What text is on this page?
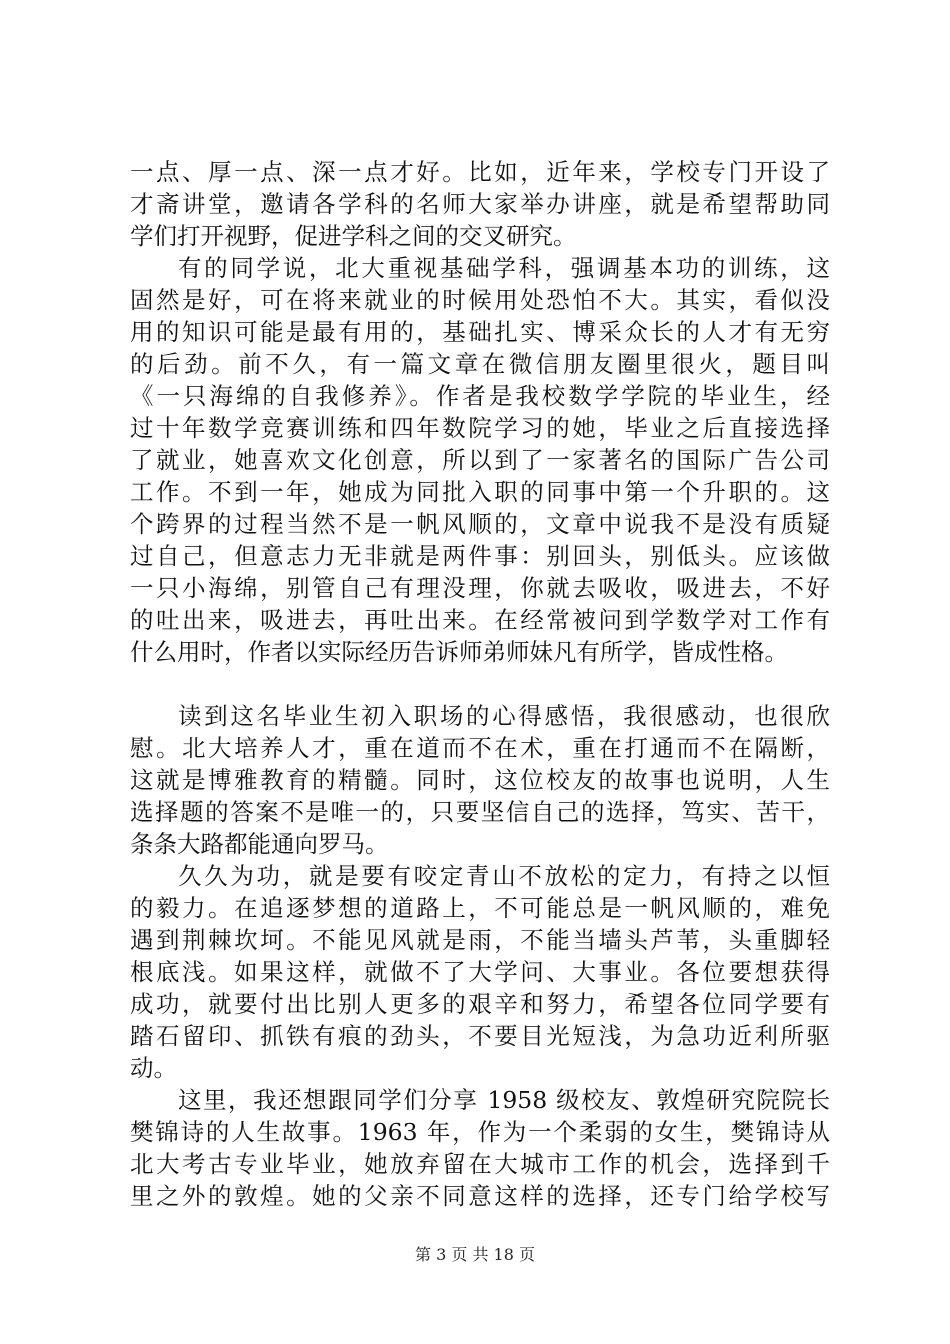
一点、厚一点、深一点才好。比如，近年来，学校专门开设了
才斋讲堂，邀请各学科的名师大家举办讲座，就是希望帮助同
学们打开视野，促进学科之间的交叉研究。
有的同学说，北大重视基础学科，强调基本功的训练，这
固然是好，可在将来就业的时候用处恐怕不大。其实，看似没
用的知识可能是最有用的，基础扎实、博采众长的人才有无穷
的后劲。前不久，有一篇文章在微信朋友圈里很火，题目叫
《一只海绵的自我修养》。作者是我校数学学院的毕业生，经
过十年数学竞赛训练和四年数院学习的她，毕业之后直接选择
了就业，她喜欢文化创意，所以到了一家著名的国际广告公司
工作。不到一年，她成为同批入职的同事中第一个升职的。这
个跨界的过程当然不是一帆风顺的，文章中说我不是没有质疑
过自己，但意志力无非就是两件事：别回头，别低头。应该做
一只小海绵，别管自己有理没理，你就去吸收，吸进去，不好
的吐出来，吸进去，再吐出来。在经常被问到学数学对工作有
什么用时，作者以实际经历告诉师弟师妹凡有所学，皆成性格。
读到这名毕业生初入职场的心得感悟，我很感动，也很欣
慰。北大培养人才，重在道而不在术，重在打通而不在隔断，
这就是博雅教育的精髓。同时，这位校友的故事也说明，人生
选择题的答案不是唯一的，只要坚信自己的选择，笃实、苦干，
条条大路都能通向罗马。
久久为功，就是要有咬定青山不放松的定力，有持之以恒
的毅力。在追逐梦想的道路上，不可能总是一帆风顺的，难免
遇到荆棘坎坷。不能见风就是雨，不能当墙头芦苇，头重脚轻
根底浅。如果这样，就做不了大学问、大事业。各位要想获得
成功，就要付出比别人更多的艰辛和努力，希望各位同学要有
踏石留印、抓铁有痕的劲头，不要目光短浅，为急功近利所驱
动。
这里，我还想跟同学们分享 1958 级校友、敦煌研究院院长
樊锦诗的人生故事。1963 年，作为一个柔弱的女生，樊锦诗从
北大考古专业毕业，她放弃留在大城市工作的机会，选择到千
里之外的敦煌。她的父亲不同意这样的选择，还专门给学校写
第 3 页 共 18 页
